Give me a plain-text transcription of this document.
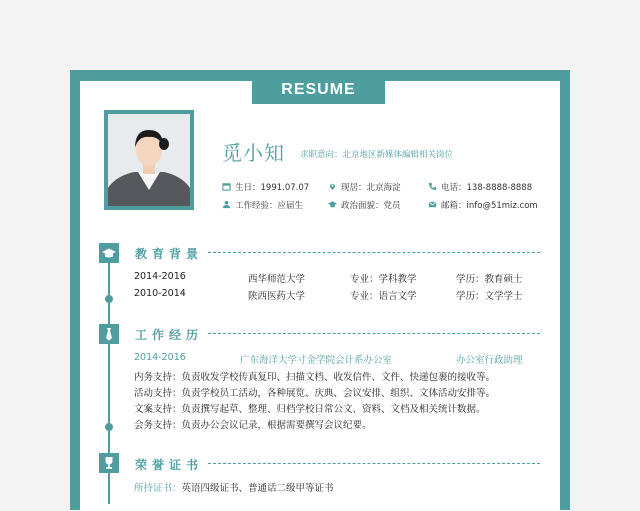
RESUME
觅小知 求职意向：北京地区新媒体编辑相关岗位
生日：1991.07.07	现居：北京海淀	电话：138-8888-8888
工作经验：应届生	政治面貌：党员	邮箱：info@51miz.com
教育背景
2014-2016	西华师范大学	专业：学科教学	学历：教育硕士
2010-2014	陕西医药大学	专业：语言文学	学历：文学学士
工作经历
2014-2016	广东海洋大学寸金学院会计系办公室	办公室行政助理
内务支持：负责收发学校传真复印、扫描文档、收发信件、文件、快递包裹的接收等。
活动支持：负责学校员工活动，各种展览、庆典、会议安排、组织、文体活动安排等。
文案支持：负责撰写起草、整理、归档学校日常公文、资料、文档及相关统计数据。
会务支持：负责办公会议记录，根据需要撰写会议纪要。
荣誉证书
所持证书：英语四级证书、普通话二级甲等证书
